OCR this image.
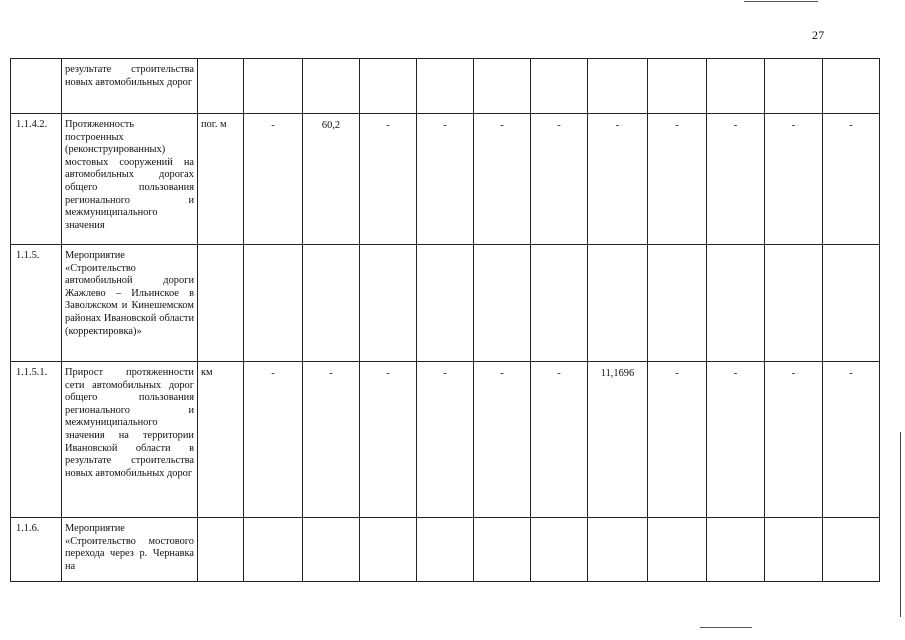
27
	результате строительства новых автомобильных дорог												
1.1.4.2.	Протяженность построенных (реконструированных) мостовых сооружений на автомобильных дорогах общего пользования регионального и межмуниципального значения	пог. м	-	60,2	-	-	-	-	-	-	-	-	-
1.1.5.	Мероприятие «Строительство автомобильной дороги Жажлево – Ильинское в Заволжском и Кинешемском районах Ивановской области (корректировка)»												
1.1.5.1.	Прирост протяженности сети автомобильных дорог общего пользования регионального и межмуниципального значения на территории Ивановской области в результате строительства новых автомобильных дорог	км	-	-	-	-	-	-	11,1696	-	-	-	-
1.1.6.	Мероприятие «Строительство мостового перехода через р. Чернавка на												
